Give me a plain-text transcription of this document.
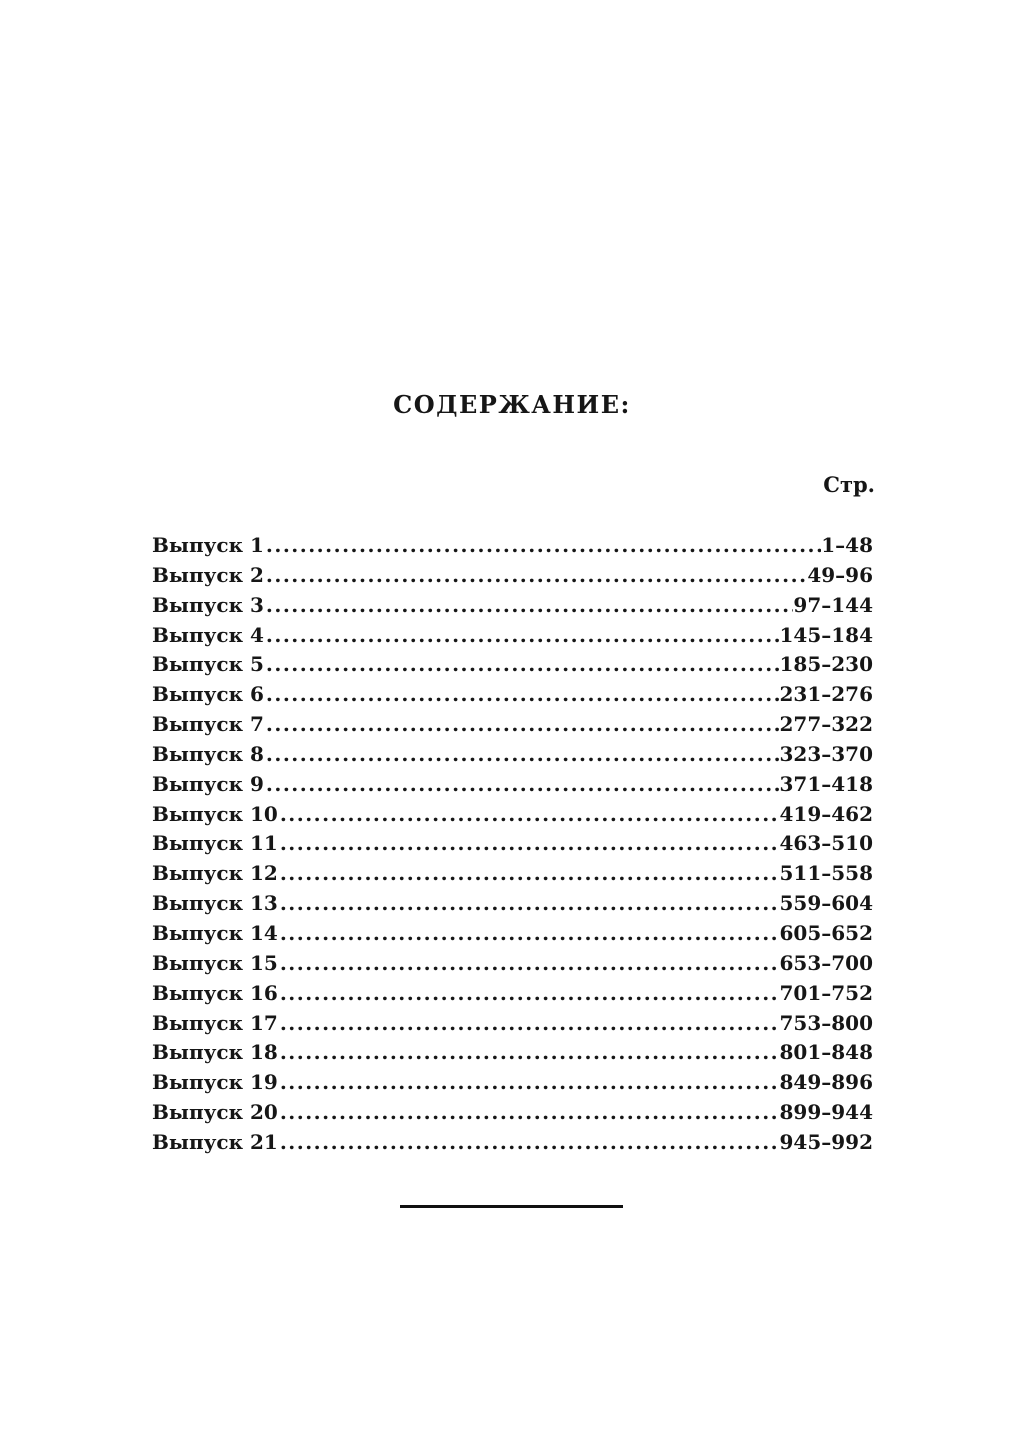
СОДЕРЖАНИЕ:
Стр.
Выпуск 1 .....	1–48
Выпуск 2 .....	49–96
Выпуск 3 .....	97–144
Выпуск 4 .....	145–184
Выпуск 5 .....	185–230
Выпуск 6 .....	231–276
Выпуск 7 .....	277–322
Выпуск 8 .....	323–370
Выпуск 9 .....	371–418
Выпуск 10 .....	419–462
Выпуск 11 .....	463–510
Выпуск 12 .....	511–558
Выпуск 13 .....	559–604
Выпуск 14 .....	605–652
Выпуск 15 .....	653–700
Выпуск 16 .....	701–752
Выпуск 17 .....	753–800
Выпуск 18 .....	801–848
Выпуск 19 .....	849–896
Выпуск 20 .....	899–944
Выпуск 21 .....	945–992
